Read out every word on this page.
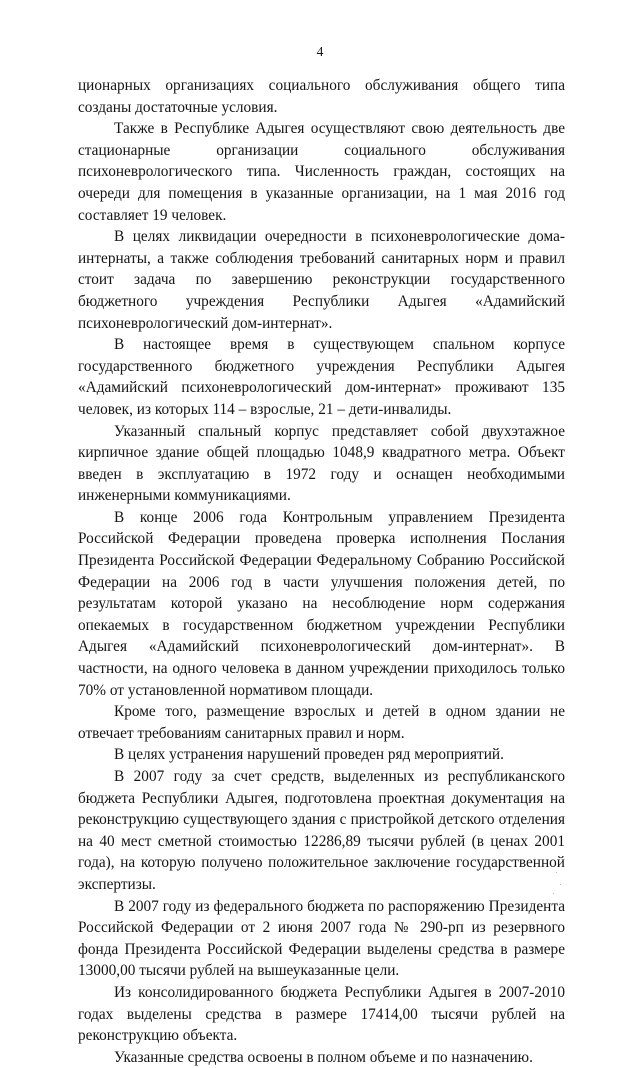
4

ционарных организациях социального обслуживания общего типа созданы достаточные условия.

Также в Республике Адыгея осуществляют свою деятельность две стационарные организации социального обслуживания психоневрологического типа. Численность граждан, состоящих на очереди для помещения в указанные организации, на 1 мая 2016 год составляет 19 человек.

В целях ликвидации очередности в психоневрологические дома-интернаты, а также соблюдения требований санитарных норм и правил стоит задача по завершению реконструкции государственного бюджетного учреждения Республики Адыгея «Адамийский психоневрологический дом-интернат».

В настоящее время в существующем спальном корпусе государственного бюджетного учреждения Республики Адыгея «Адамийский психоневрологический дом-интернат» проживают 135 человек, из которых 114 – взрослые, 21 – дети-инвалиды.

Указанный спальный корпус представляет собой двухэтажное кирпичное здание общей площадью 1048,9 квадратного метра. Объект введен в эксплуатацию в 1972 году и оснащен необходимыми инженерными коммуникациями.

В конце 2006 года Контрольным управлением Президента Российской Федерации проведена проверка исполнения Послания Президента Российской Федерации Федеральному Собранию Российской Федерации на 2006 год в части улучшения положения детей, по результатам которой указано на несоблюдение норм содержания опекаемых в государственном бюджетном учреждении Республики Адыгея «Адамийский психоневрологический дом-интернат». В частности, на одного человека в данном учреждении приходилось только 70% от установленной нормативом площади.

Кроме того, размещение взрослых и детей в одном здании не отвечает требованиям санитарных правил и норм.

В целях устранения нарушений проведен ряд мероприятий.

В 2007 году за счет средств, выделенных из республиканского бюджета Республики Адыгея, подготовлена проектная документация на реконструкцию существующего здания с пристройкой детского отделения на 40 мест сметной стоимостью 12286,89 тысячи рублей (в ценах 2001 года), на которую получено положительное заключение государственной экспертизы.

В 2007 году из федерального бюджета по распоряжению Президента Российской Федерации от 2 июня 2007 года № 290-рп из резервного фонда Президента Российской Федерации выделены средства в размере 13000,00 тысячи рублей на вышеуказанные цели.

Из консолидированного бюджета Республики Адыгея в 2007-2010 годах выделены средства в размере 17414,00 тысячи рублей на реконструкцию объекта.

Указанные средства освоены в полном объеме и по назначению.
